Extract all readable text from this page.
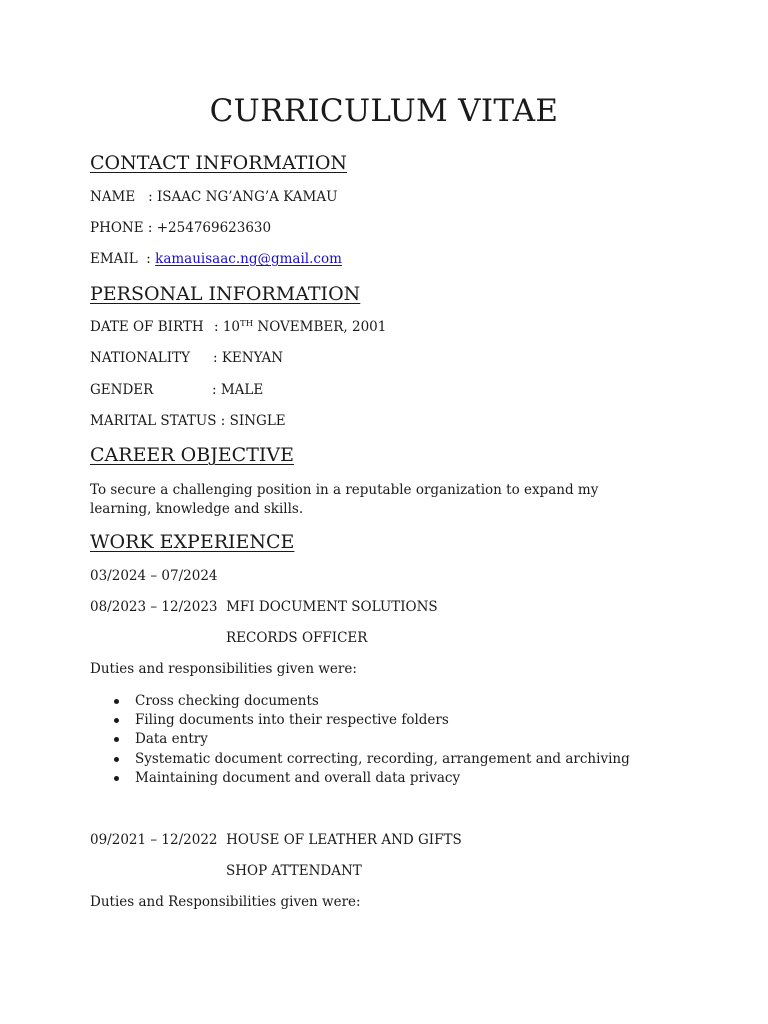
CURRICULUM VITAE
CONTACT INFORMATION
NAME   : ISAAC NG’ANG’A KAMAU
PHONE : +254769623630
EMAIL  : kamauisaac.ng@gmail.com
PERSONAL INFORMATION
DATE OF BIRTH : 10TH NOVEMBER, 2001
NATIONALITY : KENYAN
GENDER	: MALE
MARITAL STATUS : SINGLE
CAREER OBJECTIVE
To secure a challenging position in a reputable organization to expand my learning, knowledge and skills.
WORK EXPERIENCE
03/2024 – 07/2024
08/2023 – 12/2023 MFI DOCUMENT SOLUTIONS
RECORDS OFFICER
Duties and responsibilities given were:
Cross checking documents
Filing documents into their respective folders
Data entry
Systematic document correcting, recording, arrangement and archiving
Maintaining document and overall data privacy
09/2021 – 12/2022 HOUSE OF LEATHER AND GIFTS
SHOP ATTENDANT
Duties and Responsibilities given were:
